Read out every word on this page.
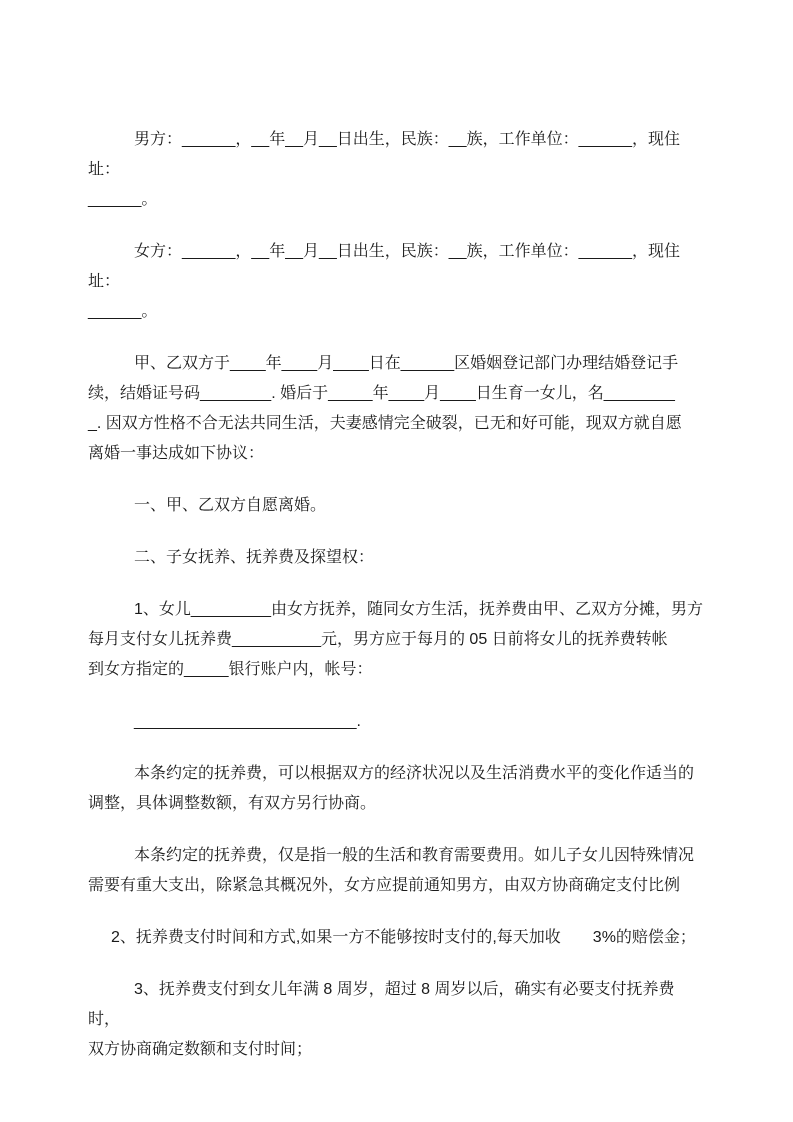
男方：______，__年__月__日出生，民族：__族，工作单位：______，现住址：
______。

女方：______，__年__月__日出生，民族：__族，工作单位：______，现住址：
______。

甲、乙双方于____年____月____日在______区婚姻登记部门办理结婚登记手
续，结婚证号码________. 婚后于_____年____月____日生育一女儿，名________
_. 因双方性格不合无法共同生活，夫妻感情完全破裂，已无和好可能，现双方就自愿
离婚一事达成如下协议：

一、甲、乙双方自愿离婚。

二、子女抚养、抚养费及探望权：

1、女儿_________由女方抚养，随同女方生活，抚养费由甲、乙双方分摊，男方
每月支付女儿抚养费__________元，男方应于每月的 05 日前将女儿的抚养费转帐
到女方指定的_____银行账户内，帐号：

_________________________.

本条约定的抚养费，可以根据双方的经济状况以及生活消费水平的变化作适当的
调整，具体调整数额，有双方另行协商。

本条约定的抚养费，仅是指一般的生活和教育需要费用。如儿子女儿因特殊情况
需要有重大支出，除紧急其概况外，女方应提前通知男方，由双方协商确定支付比例

2、抚养费支付时间和方式,如果一方不能够按时支付的,每天加收　　3%的赔偿金；

3、抚养费支付到女儿年满 8 周岁，超过 8 周岁以后，确实有必要支付抚养费时，
双方协商确定数额和支付时间；
